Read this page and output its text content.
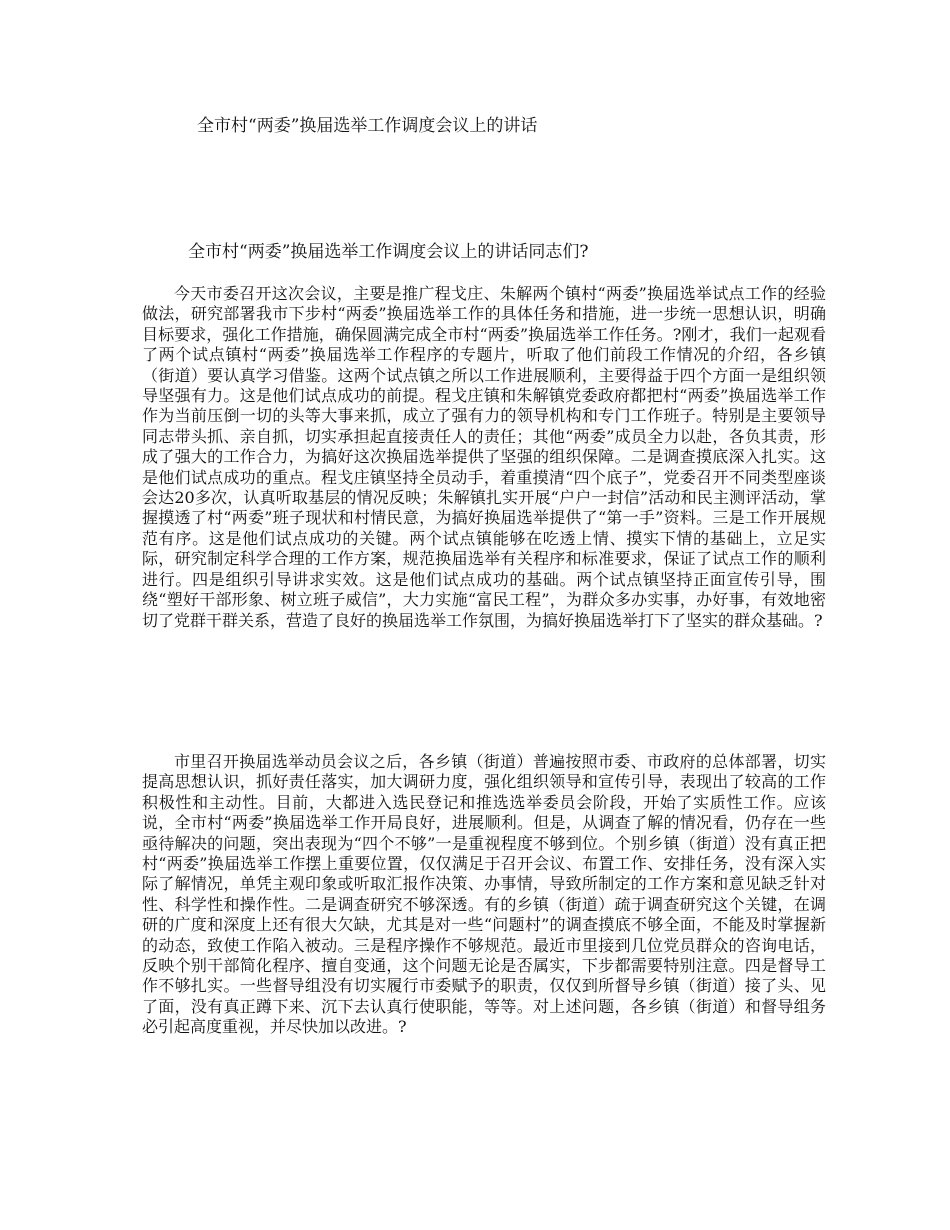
全市村“两委”换届选举工作调度会议上的讲话
全市村“两委”换届选举工作调度会议上的讲话同志们?

今天市委召开这次会议，主要是推广程戈庄、朱解两个镇村“两委”换届选举试点工作的经验做法，研究部署我市下步村“两委”换届选举工作的具体任务和措施，进一步统一思想认识，明确目标要求，强化工作措施，确保圆满完成全市村“两委”换届选举工作任务。?刚才，我们一起观看了两个试点镇村“两委”换届选举工作程序的专题片，听取了他们前段工作情况的介绍，各乡镇（街道）要认真学习借鉴。这两个试点镇之所以工作进展顺利，主要得益于四个方面一是组织领导坚强有力。这是他们试点成功的前提。程戈庄镇和朱解镇党委政府都把村“两委”换届选举工作作为当前压倒一切的头等大事来抓，成立了强有力的领导机构和专门工作班子。特别是主要领导同志带头抓、亲自抓，切实承担起直接责任人的责任；其他“两委”成员全力以赴，各负其责，形成了强大的工作合力，为搞好这次换届选举提供了坚强的组织保障。二是调查摸底深入扎实。这是他们试点成功的重点。程戈庄镇坚持全员动手，着重摸清“四个底子”，党委召开不同类型座谈会达20多次，认真听取基层的情况反映；朱解镇扎实开展“户户一封信”活动和民主测评活动，掌握摸透了村“两委”班子现状和村情民意，为搞好换届选举提供了“第一手”资料。三是工作开展规范有序。这是他们试点成功的关键。两个试点镇能够在吃透上情、摸实下情的基础上，立足实际，研究制定科学合理的工作方案，规范换届选举有关程序和标准要求，保证了试点工作的顺利进行。四是组织引导讲求实效。这是他们试点成功的基础。两个试点镇坚持正面宣传引导，围绕“塑好干部形象、树立班子威信”，大力实施“富民工程”，为群众多办实事，办好事，有效地密切了党群干群关系，营造了良好的换届选举工作氛围，为搞好换届选举打下了坚实的群众基础。?

市里召开换届选举动员会议之后，各乡镇（街道）普遍按照市委、市政府的总体部署，切实提高思想认识，抓好责任落实，加大调研力度，强化组织领导和宣传引导，表现出了较高的工作积极性和主动性。目前，大都进入选民登记和推选选举委员会阶段，开始了实质性工作。应该说，全市村“两委”换届选举工作开局良好，进展顺利。但是，从调查了解的情况看，仍存在一些亟待解决的问题，突出表现为“四个不够”一是重视程度不够到位。个别乡镇（街道）没有真正把村“两委”换届选举工作摆上重要位置，仅仅满足于召开会议、布置工作、安排任务，没有深入实际了解情况，单凭主观印象或听取汇报作决策、办事情，导致所制定的工作方案和意见缺乏针对性、科学性和操作性。二是调查研究不够深透。有的乡镇（街道）疏于调查研究这个关键，在调研的广度和深度上还有很大欠缺，尤其是对一些“问题村”的调查摸底不够全面，不能及时掌握新的动态，致使工作陷入被动。三是程序操作不够规范。最近市里接到几位党员群众的咨询电话，反映个别干部简化程序、擅自变通，这个问题无论是否属实，下步都需要特别注意。四是督导工作不够扎实。一些督导组没有切实履行市委赋予的职责，仅仅到所督导乡镇（街道）接了头、见了面，没有真正蹲下来、沉下去认真行使职能，等等。对上述问题，各乡镇（街道）和督导组务必引起高度重视，并尽快加以改进。?
